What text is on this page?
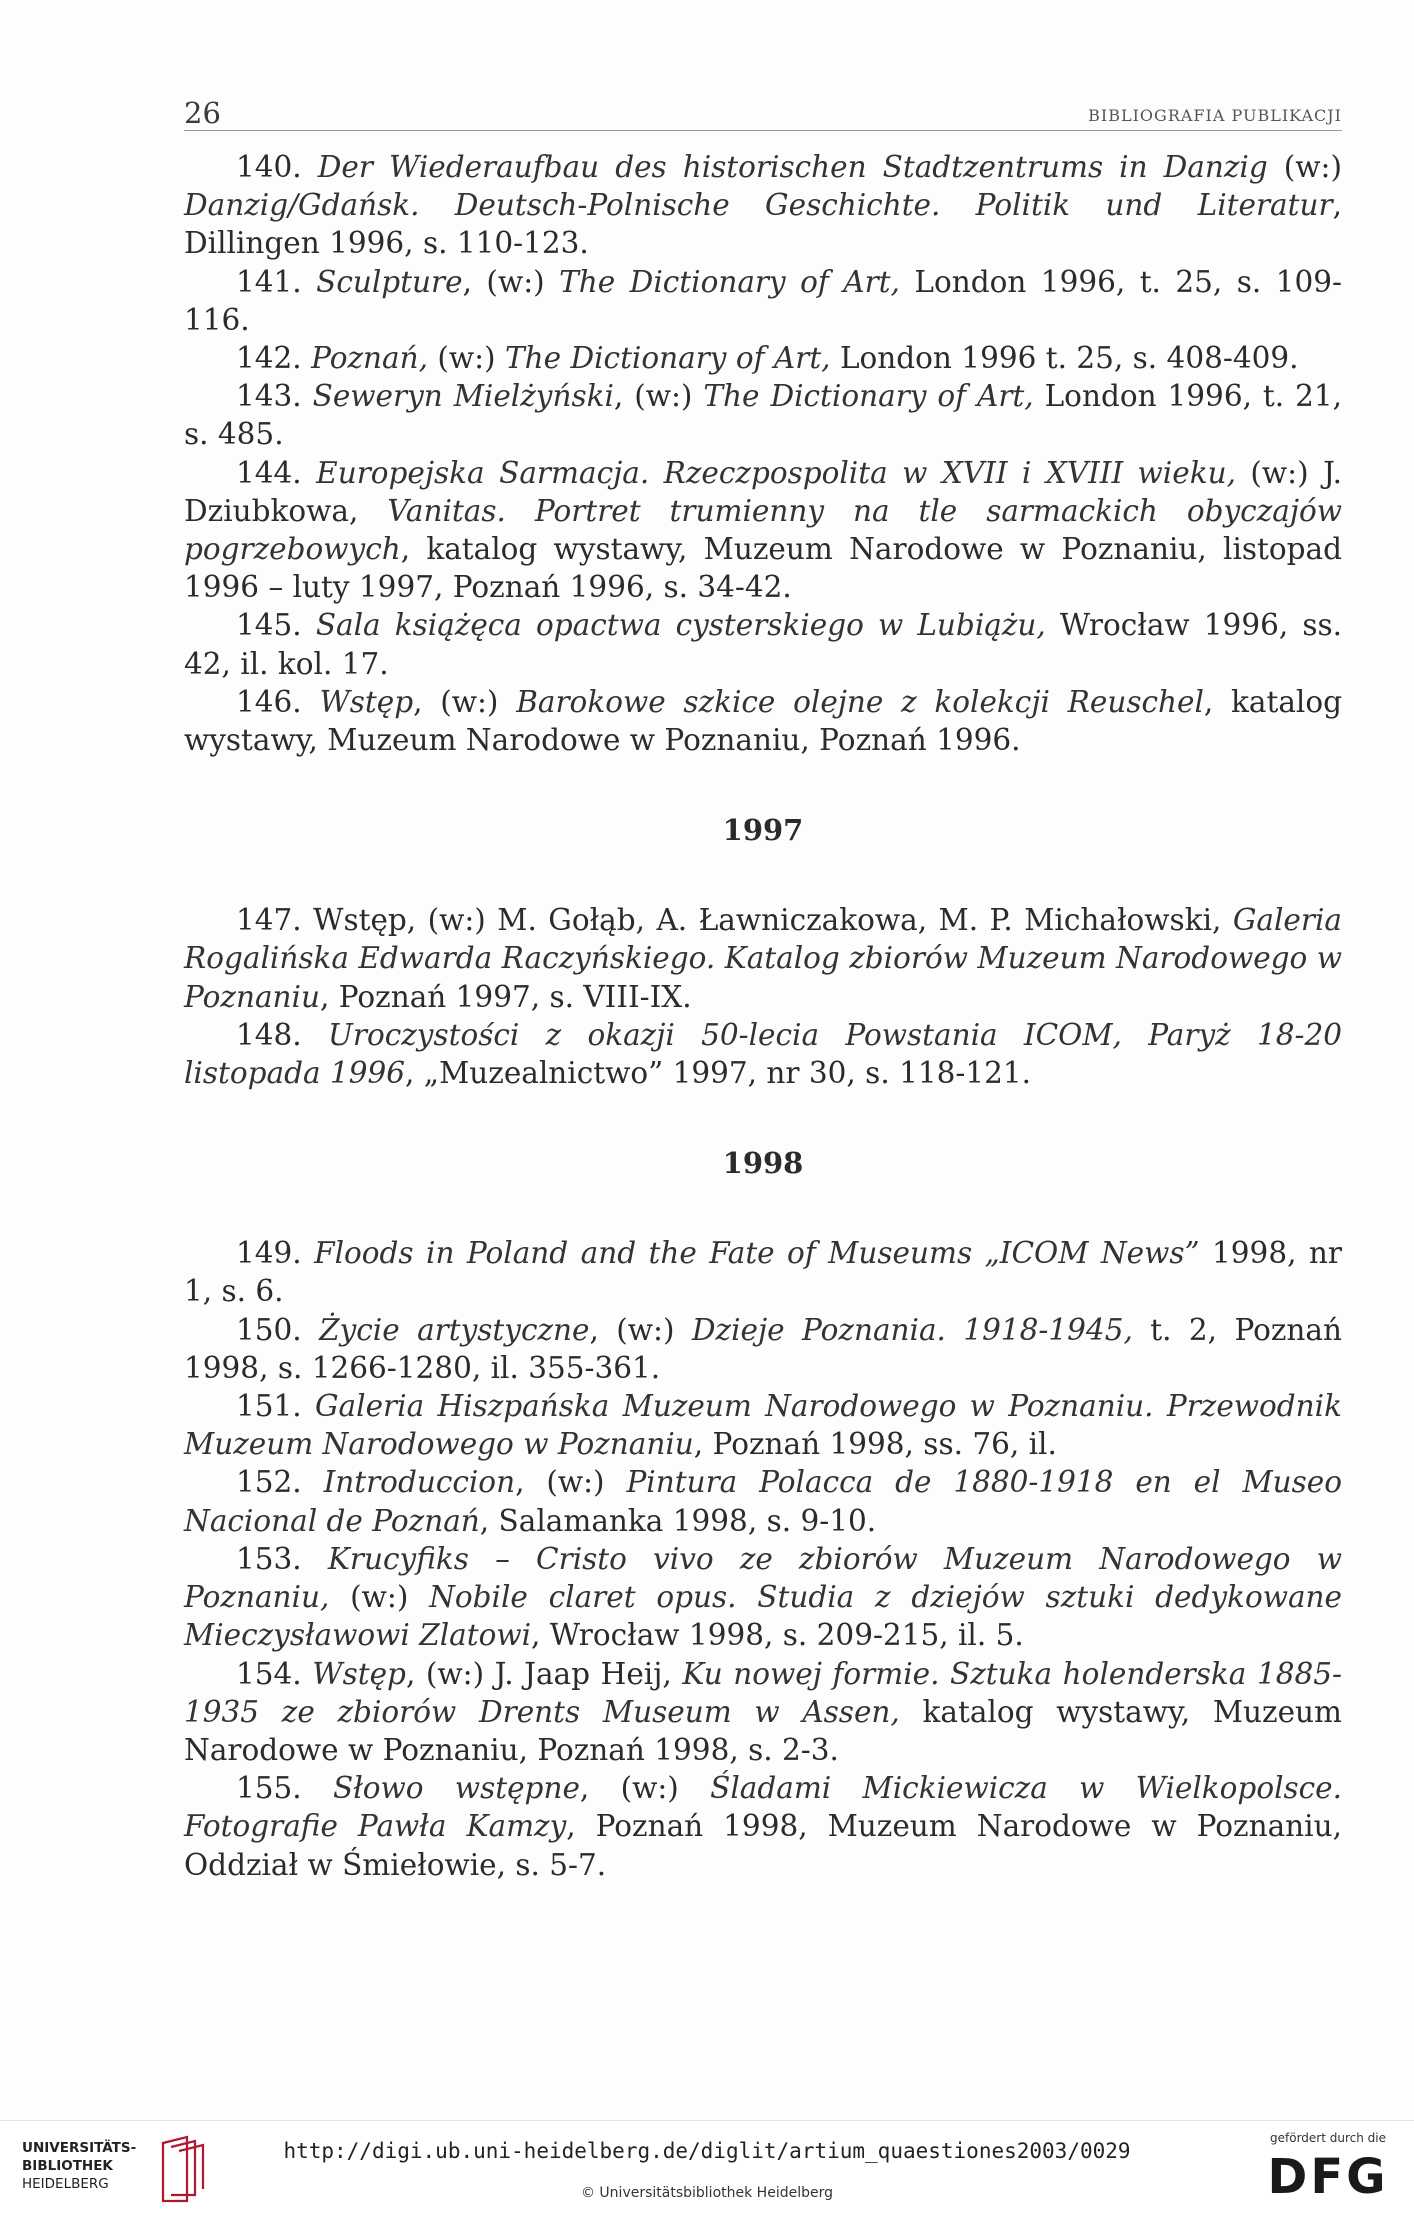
26	BIBLIOGRAFIA PUBLIKACJI

140. Der Wiederaufbau des historischen Stadtzentrums in Danzig (w:) Danzig/Gdańsk. Deutsch-Polnische Geschichte. Politik und Literatur, Dillingen 1996, s. 110-123.

141. Sculpture, (w:) The Dictionary of Art, London 1996, t. 25, s. 109-116.

142. Poznań, (w:) The Dictionary of Art, London 1996 t. 25, s. 408-409.

143. Seweryn Mielżyński, (w:) The Dictionary of Art, London 1996, t. 21, s. 485.

144. Europejska Sarmacja. Rzeczpospolita w XVII i XVIII wieku, (w:) J. Dziubkowa, Vanitas. Portret trumienny na tle sarmackich obyczajów pogrzebowych, katalog wystawy, Muzeum Narodowe w Poznaniu, listopad 1996 – luty 1997, Poznań 1996, s. 34-42.

145. Sala książęca opactwa cysterskiego w Lubiążu, Wrocław 1996, ss. 42, il. kol. 17.

146. Wstęp, (w:) Barokowe szkice olejne z kolekcji Reuschel, katalog wystawy, Muzeum Narodowe w Poznaniu, Poznań 1996.

1997

147. Wstęp, (w:) M. Gołąb, A. Ławniczakowa, M. P. Michałowski, Galeria Rogalińska Edwarda Raczyńskiego. Katalog zbiorów Muzeum Narodowego w Poznaniu, Poznań 1997, s. VIII-IX.

148. Uroczystości z okazji 50-lecia Powstania ICOM, Paryż 18-20 listopada 1996, „Muzealnictwo” 1997, nr 30, s. 118-121.

1998

149. Floods in Poland and the Fate of Museums „ICOM News” 1998, nr 1, s. 6.

150. Życie artystyczne, (w:) Dzieje Poznania. 1918-1945, t. 2, Poznań 1998, s. 1266-1280, il. 355-361.

151. Galeria Hiszpańska Muzeum Narodowego w Poznaniu. Przewodnik Muzeum Narodowego w Poznaniu, Poznań 1998, ss. 76, il.

152. Introduccion, (w:) Pintura Polacca de 1880-1918 en el Museo Nacional de Poznań, Salamanka 1998, s. 9-10.

153. Krucyfiks – Cristo vivo ze zbiorów Muzeum Narodowego w Poznaniu, (w:) Nobile claret opus. Studia z dziejów sztuki dedykowane Mieczysławowi Zlatowi, Wrocław 1998, s. 209-215, il. 5.

154. Wstęp, (w:) J. Jaap Heij, Ku nowej formie. Sztuka holenderska 1885-1935 ze zbiorów Drents Museum w Assen, katalog wystawy, Muzeum Narodowe w Poznaniu, Poznań 1998, s. 2-3.

155. Słowo wstępne, (w:) Śladami Mickiewicza w Wielkopolsce. Fotografie Pawła Kamzy, Poznań 1998, Muzeum Narodowe w Poznaniu, Oddział w Śmiełowie, s. 5-7.

UNIVERSITÄTS-
BIBLIOTHEK
HEIDELBERG
http://digi.ub.uni-heidelberg.de/diglit/artium_quaestiones2003/0029
© Universitätsbibliothek Heidelberg
gefördert durch die
DFG
